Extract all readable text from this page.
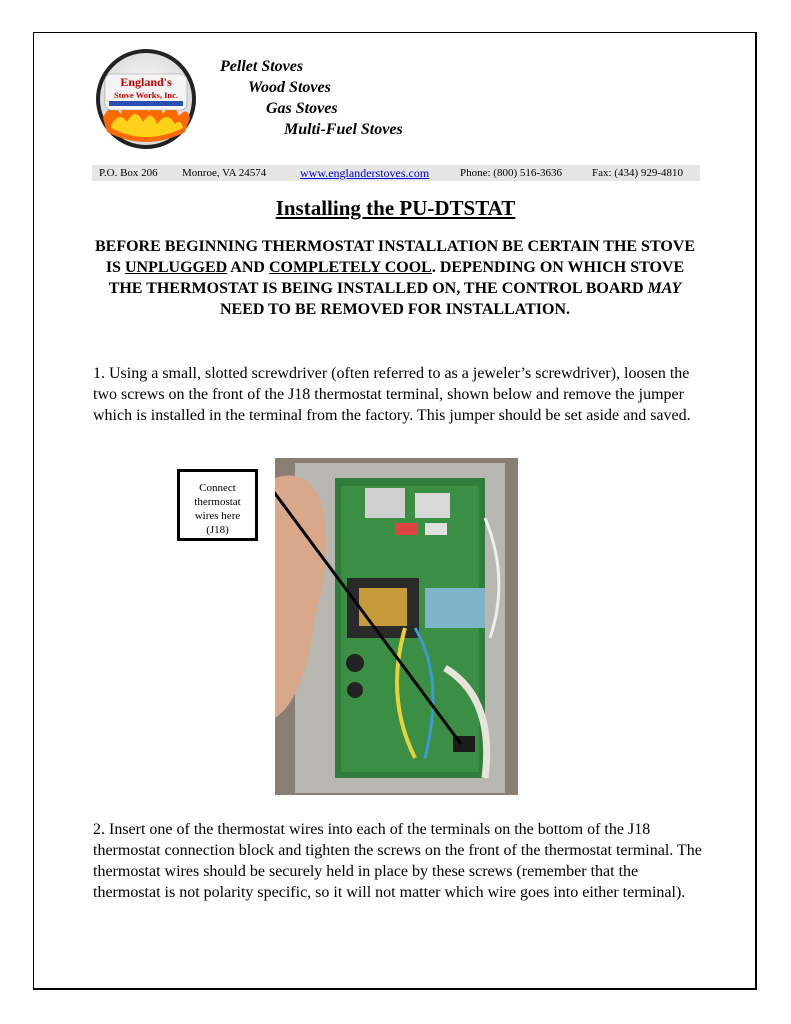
England's
Stove Works, Inc.
Pellet Stoves
Wood Stoves
Gas Stoves
Multi-Fuel Stoves
P.O. Box 206 Monroe, VA 24574	www.englanderstoves.com	Phone: (800) 516-3636	Fax: (434) 929-4810
Installing the PU-DTSTAT
BEFORE BEGINNING THERMOSTAT INSTALLATION BE CERTAIN THE STOVE IS UNPLUGGED AND COMPLETELY COOL. DEPENDING ON WHICH STOVE THE THERMOSTAT IS BEING INSTALLED ON, THE CONTROL BOARD MAY NEED TO BE REMOVED FOR INSTALLATION.
1. Using a small, slotted screwdriver (often referred to as a jeweler’s screwdriver), loosen the two screws on the front of the J18 thermostat terminal, shown below and remove the jumper which is installed in the terminal from the factory. This jumper should be set aside and saved.
Connect
thermostat
wires here
(J18)
2. Insert one of the thermostat wires into each of the terminals on the bottom of the J18 thermostat connection block and tighten the screws on the front of the thermostat terminal. The thermostat wires should be securely held in place by these screws (remember that the thermostat is not polarity specific, so it will not matter which wire goes into either terminal).
